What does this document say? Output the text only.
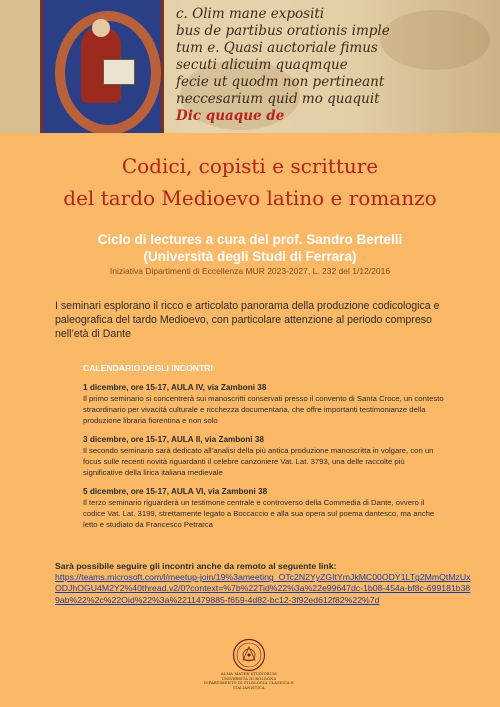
c. Olim mane expositi
bus de partibus orationis imple
tum e. Quasi auctoriale fimus
secuti alicuim quaqmque
fecie ut quodm non pertineant
neccesarium quid mo quaquit
Dic quaque de
Codici, copisti e scritture
del tardo Medioevo latino e romanzo
Ciclo di lectures a cura del prof. Sandro Bertelli
(Università degli Studi di Ferrara)
Iniziativa Dipartimenti di Eccellenza MUR 2023-2027, L. 232 del 1/12/2016
I seminari esplorano il ricco e articolato panorama della produzione codicologica e paleografica del tardo Medioevo, con particolare attenzione al periodo compreso nell’età di Dante
CALENDARIO DEGLI INCONTRI
1 dicembre, ore 15-17, AULA IV, via Zamboni 38
Il primo seminario si concentrerà sui manoscritti conservati presso il convento di Santa Croce, un contesto straordinario per vivacità culturale e ricchezza documentaria, che offre importanti testimonianze della produzione libraria fiorentina e non solo
3 dicembre, ore 15-17, AULA II, via Zamboni 38
Il secondo seminario sarà dedicato all’analisi della più antica produzione manoscritta in volgare, con un focus sulle recenti novità riguardanti il celebre canzoniere Vat. Lat. 3793, una delle raccolte più significative della lirica italiana medievale
5 dicembre, ore 15-17, AULA VI, via Zamboni 38
Il terzo seminario riguarderà un testimone centrale e controverso della Commedia di Dante, ovvero il codice Vat. Lat. 3199, strettamente legato a Boccaccio e alla sua opera sul poema dantesco, ma anche letto e studiato da Francesco Petrarca
Sarà possibile seguire gli incontri anche da remoto al seguente link:
https://teams.microsoft.com/l/meetup-join/19%3ameeting_OTc2N2YyZGItYmJkMC00ODY1LTg2MmQtMzUxODJhOGU4M2Y2%40thread.v2/0?context=%7b%22Tid%22%3a%22e99647dc-1b08-454a-bf8c-699181b389ab%22%2c%22Oid%22%3a%2211479885-f659-4d82-bc12-3f92ed612f82%22%7d
ALMA MATER STUDIORUM
UNIVERSITÀ DI BOLOGNA
DIPARTIMENTO DI FILOLOGIA CLASSICA E ITALIANISTICA
